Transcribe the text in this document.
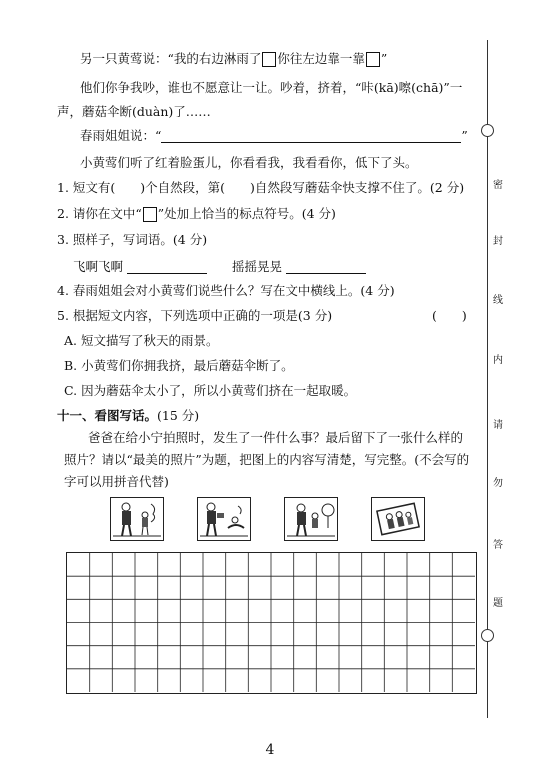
另一只黄莺说：“我的右边淋雨了 你往左边靠一靠 ”
他们你争我吵，谁也不愿意让一让。吵着，挤着，“咔(kā)嚓(chā)”一
声，蘑菇伞断(duàn)了……
春雨姐姐说：“	”
小黄莺们听了红着脸蛋儿，你看看我，我看看你，低下了头。
1. 短文有(　　)个自然段，第(　　)自然段写蘑菇伞快支撑不住了。(2 分)
2. 请你在文中“ ”处加上恰当的标点符号。(4 分)
3. 照样子，写词语。(4 分)
飞啊飞啊	摇摇晃晃
4. 春雨姐姐会对小黄莺们说些什么？写在文中横线上。(4 分)
5. 根据短文内容，下列选项中正确的一项是(3 分)	(　　)
A. 短文描写了秋天的雨景。
B. 小黄莺们你拥我挤，最后蘑菇伞断了。
C. 因为蘑菇伞太小了，所以小黄莺们挤在一起取暖。
十一、看图写话。(15 分)
爸爸在给小宁拍照时，发生了一件什么事？最后留下了一张什么样的
照片？请以“最美的照片”为题，把图上的内容写清楚，写完整。(不会写的
字可以用拼音代替)
密
封
线
内
请
勿
答
题
4
